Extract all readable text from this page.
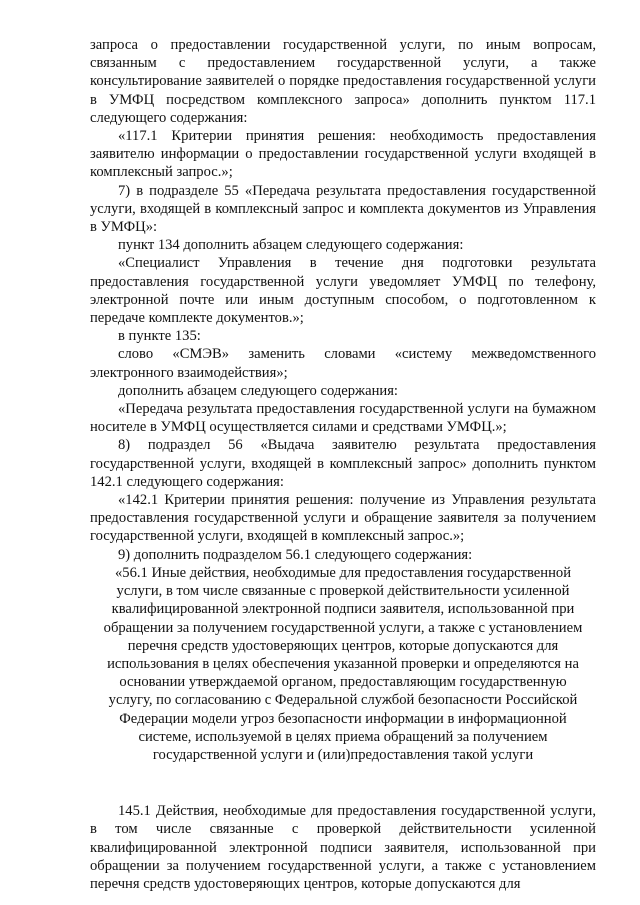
запроса о предоставлении государственной услуги, по иным вопросам, связанным с предоставлением государственной услуги, а также консультирование заявителей о порядке предоставления государственной услуги в УМФЦ посредством комплексного запроса» дополнить пунктом 117.1 следующего содержания:

«117.1 Критерии принятия решения: необходимость предоставления заявителю информации о предоставлении государственной услуги входящей в комплексный запрос.»;

7) в подразделе 55 «Передача результата предоставления государственной услуги, входящей в комплексный запрос и комплекта документов из Управления в УМФЦ»:

пункт 134 дополнить абзацем следующего содержания:

«Специалист Управления в течение дня подготовки результата предоставления государственной услуги уведомляет УМФЦ по телефону, электронной почте или иным доступным способом, о подготовленном к передаче комплекте документов.»;

в пункте 135:

слово «СМЭВ» заменить словами «систему межведомственного электронного взаимодействия»;

дополнить абзацем следующего содержания:

«Передача результата предоставления государственной услуги на бумажном носителе в УМФЦ осуществляется силами и средствами УМФЦ.»;

8) подраздел 56 «Выдача заявителю результата предоставления государственной услуги, входящей в комплексный запрос» дополнить пунктом 142.1 следующего содержания:

«142.1 Критерии принятия решения: получение из Управления результата предоставления государственной услуги и обращение заявителя за получением государственной услуги, входящей в комплексный запрос.»;

9) дополнить подразделом 56.1 следующего содержания:

«56.1 Иные действия, необходимые для предоставления государственной услуги, в том числе связанные с проверкой действительности усиленной квалифицированной электронной подписи заявителя, использованной при обращении за получением государственной услуги, а также с установлением перечня средств удостоверяющих центров, которые допускаются для использования в целях обеспечения указанной проверки и определяются на основании утверждаемой органом, предоставляющим государственную услугу, по согласованию с Федеральной службой безопасности Российской Федерации модели угроз безопасности информации в информационной системе, используемой в целях приема обращений за получением государственной услуги и (или)предоставления такой услуги

145.1 Действия, необходимые для предоставления государственной услуги, в том числе связанные с проверкой действительности усиленной квалифицированной электронной подписи заявителя, использованной при обращении за получением государственной услуги, а также с установлением перечня средств удостоверяющих центров, которые допускаются для
